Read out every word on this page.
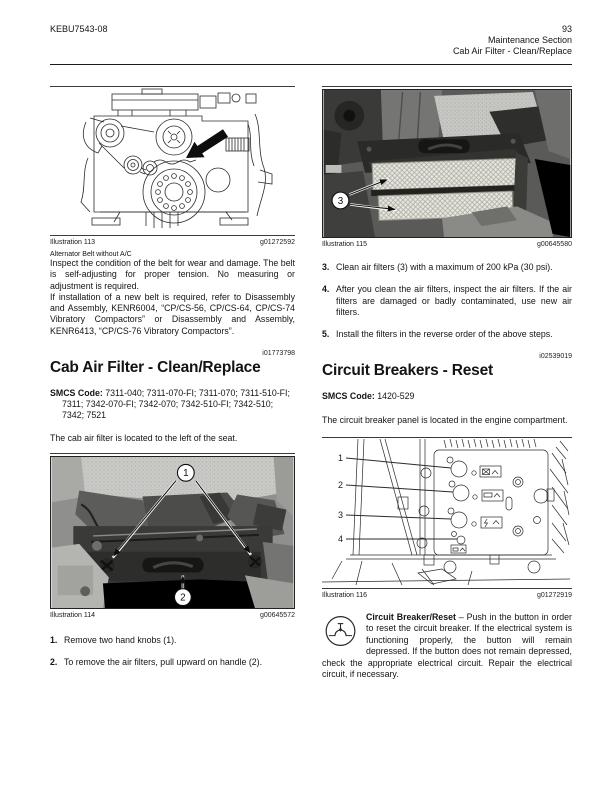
KEBU7543-08	93
Maintenance Section
Cab Air Filter - Clean/Replace
Illustration 113	g01272592
Alternator Belt without A/C

Inspect the condition of the belt for wear and damage. The belt is self-adjusting for proper tension. No measuring or adjustment is required.

If installation of a new belt is required, refer to Disassembly and Assembly, KENR6004, “CP/CS-56, CP/CS-64, CP/CS-74 Vibratory Compactors” or Disassembly and Assembly, KENR6413, “CP/CS-76 Vibratory Compactors”.

i01773798

Cab Air Filter - Clean/Replace

SMCS Code: 7311-040; 7311-070-FI; 7311-070; 7311-510-FI; 7311; 7342-070-FI; 7342-070; 7342-510-FI; 7342-510; 7342; 7521

The cab air filter is located to the left of the seat.

1
2
Illustration 114	g00645572
1. Remove two hand knobs (1).
2. To remove the air filters, pull upward on handle (2).
3
Illustration 115	g00645580
3. Clean air filters (3) with a maximum of 200 kPa (30 psi).
4. After you clean the air filters, inspect the air filters. If the air filters are damaged or badly contaminated, use new air filters.
5. Install the filters in the reverse order of the above steps.

i02539019

Circuit Breakers - Reset

SMCS Code: 1420-529

The circuit breaker panel is located in the engine compartment.

1
2
3
4
Illustration 116	g01272919
Circuit Breaker/Reset – Push in the button in order to reset the circuit breaker. If the electrical system is functioning properly, the button will remain depressed. If the button does not remain depressed, check the appropriate electrical circuit. Repair the electrical circuit, if necessary.
